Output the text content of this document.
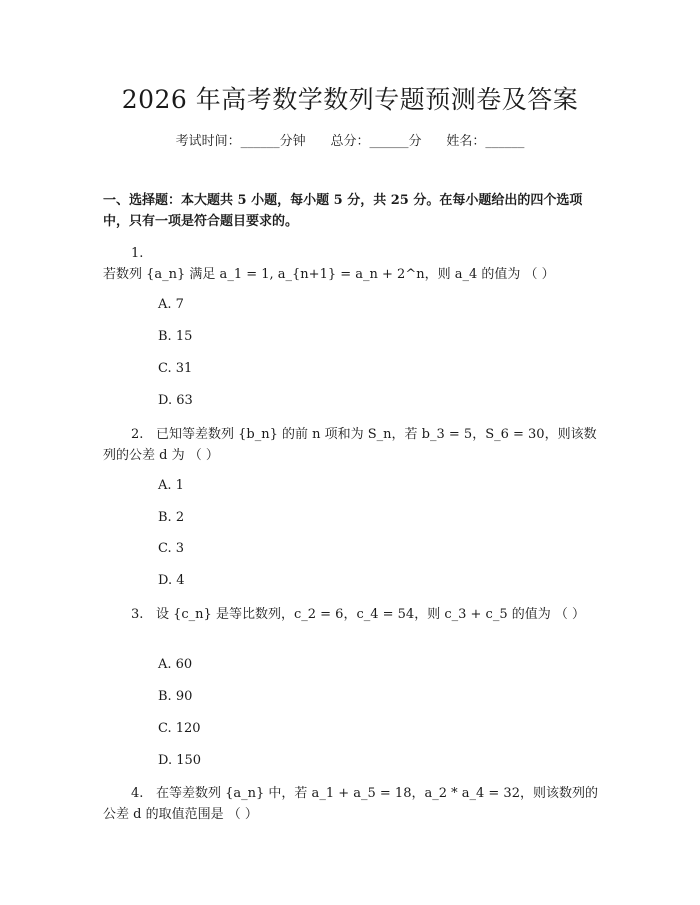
2026 年高考数学数列专题预测卷及答案
考试时间：______分钟 总分：______分 姓名：______
一、选择题：本大题共 5 小题，每小题 5 分，共 25 分。在每小题给出的四个选项中，只有一项是符合题目要求的。
1.若数列 {a_n} 满足 a_1 = 1, a_{n+1} = a_n + 2^n，则 a_4 的值为 （ ）
A. 7
B. 15
C. 31
D. 63
2. 已知等差数列 {b_n} 的前 n 项和为 S_n，若 b_3 = 5，S_6 = 30，则该数列的公差 d 为 （ ）
A. 1
B. 2
C. 3
D. 4
3. 设 {c_n} 是等比数列，c_2 = 6，c_4 = 54，则 c_3 + c_5 的值为 （ ）
A. 60
B. 90
C. 120
D. 150
4. 在等差数列 {a_n} 中，若 a_1 + a_5 = 18，a_2 * a_4 = 32，则该数列的公差 d 的取值范围是 （ ）
